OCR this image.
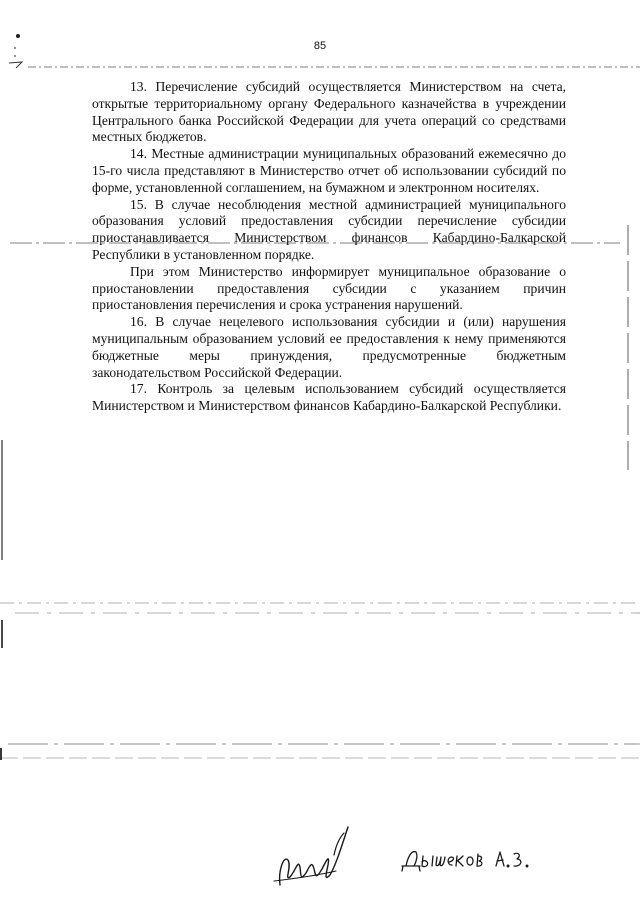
85

13. Перечисление субсидий осуществляется Министерством на счета, открытые территориальному органу Федерального казначейства в учреждении Центрального банка Российской Федерации для учета операций со средствами местных бюджетов.

14. Местные администрации муниципальных образований ежемесячно до 15-го числа представляют в Министерство отчет об использовании субсидий по форме, установленной соглашением, на бумажном и электронном носителях.

15. В случае несоблюдения местной администрацией муниципального образования условий предоставления субсидии перечисление субсидии приостанавливается Министерством финансов Кабардино-Балкарской Республики в установленном порядке.

При этом Министерство информирует муниципальное образование о приостановлении предоставления субсидии с указанием причин приостановления перечисления и срока устранения нарушений.

16. В случае нецелевого использования субсидии и (или) нарушения муниципальным образованием условий ее предоставления к нему применяются бюджетные меры принуждения, предусмотренные бюджетным законодательством Российской Федерации.

17. Контроль за целевым использованием субсидий осуществляется Министерством и Министерством финансов Кабардино-Балкарской Республики.
